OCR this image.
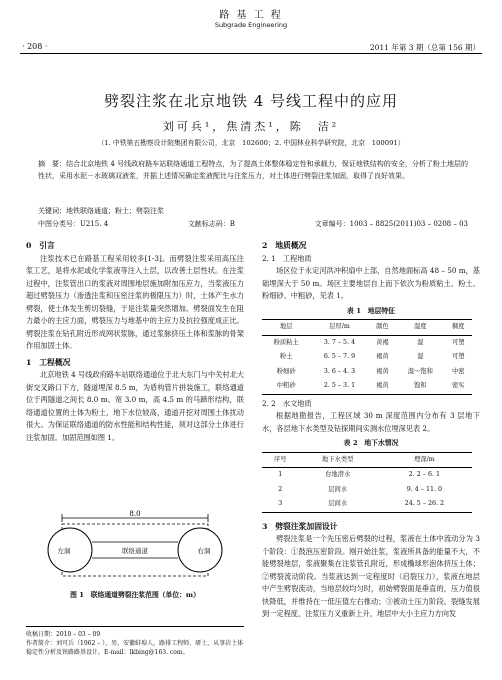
· 208 ·
路 基 工 程
Subgrade Engineering
2011 年第 3 期（总第 156 期）
劈裂注浆在北京地铁 4 号线工程中的应用
刘可兵¹，焦清杰¹，陈　洁²
（1. 中铁第五勘察设计院集团有限公司，北京　102600；2. 中国林业科学研究院，北京　100091）
摘　要：结合北京地铁 4 号线政府路车站联络通道工程特点，为了提高土体整体稳定性和承载力，保证地铁结构的安全，分析了粉土地层的性状，采用水泥－水玻璃双液浆，并据上述情况确定浆液配比与注浆压力，对土体进行劈裂注浆加固，取得了良好效果。
关键词：地铁联络通道；粉土；劈裂注浆
中图分类号：U215. 4	文献标志码：B	文章编号：1003 – 8825(2011)03 – 0208 – 03
0　引言

注浆技术已在路基工程采用较多[1-3]。而劈裂注浆采用高压注浆工艺，是将水泥或化学浆液等注入土层，以改善土层性状。在注浆过程中，注浆管出口的浆液对周围地层施加附加压应力，当浆液压力超过劈裂压力（渗透注浆和压密注浆的极限压力）时，土体产生水力劈裂，使土体发生剪切裂缝，于是注浆量突然增加。劈裂面发生在阻力最小的主应力面，劈裂压力与地基中的主应力及抗拉强度成正比。劈裂注浆在钻孔附近形成网状浆脉，通过浆脉挤压土体和浆脉的骨架作用加固土体。

1　工程概况

北京地铁 4 号线政府路车站联络通道位于北大东门与中关村北大街交叉路口下方，隧道埋深 8.5 m，为盾构管片拼装施工，联络通道位于两隧道之间长 8.0 m、宽 3.0 m，高 4.5 m 的马蹄形结构，联络通道位置的土体为粉土，地下水位较高，通道开挖对周围土体扰动很大。为保证联络通道的防水性能和结构性能，须对这部分土体进行注浆加固。加固范围如图 1。

8.0
左洞	联络通道	右洞
图 1　联络通道劈裂注浆范围（单位：m）
收稿日期：2010 – 03 – 09
作者简介：刘可兵（1962 – ），男，安徽蚌埠人，路排工程师，研士，从事岩土体稳定性分析及铁路路基设计。E-mail：lkbing@163. com。
2　地质概况
2. 1　工程地质

场区位于永定河洪冲积扇中上部，自然地面标高 48 – 50 m，基础埋深大于 50 m。场区主要地层自上而下依次为粉质粘土、粉土、粉细砂、中粗砂，见表 1。

表 1　地层特征
地层	层厚/m	颜色	湿度	稠度
粉质粘土	3. 7 – 5. 4	黄褐	湿	可塑
粉土	6. 5 – 7. 9	褐黄	湿	可塑
粉细砂	3. 6 – 4. 3	褐黄	湿～饱和	中密
中粗砂	2. 5 – 3. 1	褐黄	饱和	密实
2. 2　水文地质

根据地勘报告，工程区域 30 m 深度范围内分布有 3 层地下水，各层地下水类型及钻探期间实测水位埋深见表 2。

表 2　地下水情况
序号	地下水类型	埋深/m
1	台地潜水	2. 2 – 6. 1
2	层间水	9. 4 – 11. 0
3	层间水	24. 5 – 26. 2
3　劈裂注浆加固设计

劈裂注浆是一个先压密后劈裂的过程，浆液在土体中流动分为 3 个阶段：①鼓泡压密阶段。刚开始注浆，浆液所具备的能量不大，不能劈裂地层，浆液聚集在注浆管孔附近，形成椭球形泡体挤压土体；②劈裂流动阶段。当浆液达到一定程度时（启裂压力），浆液在地层中产生劈裂流动，当地层较均匀时，初始劈裂面是垂直的，压力值很快降低，并维持在一低压值左右推动；③被动土压力阶段。裂缝发展到一定程度，注浆压力又重新上升，地层中大小主应力方向发
